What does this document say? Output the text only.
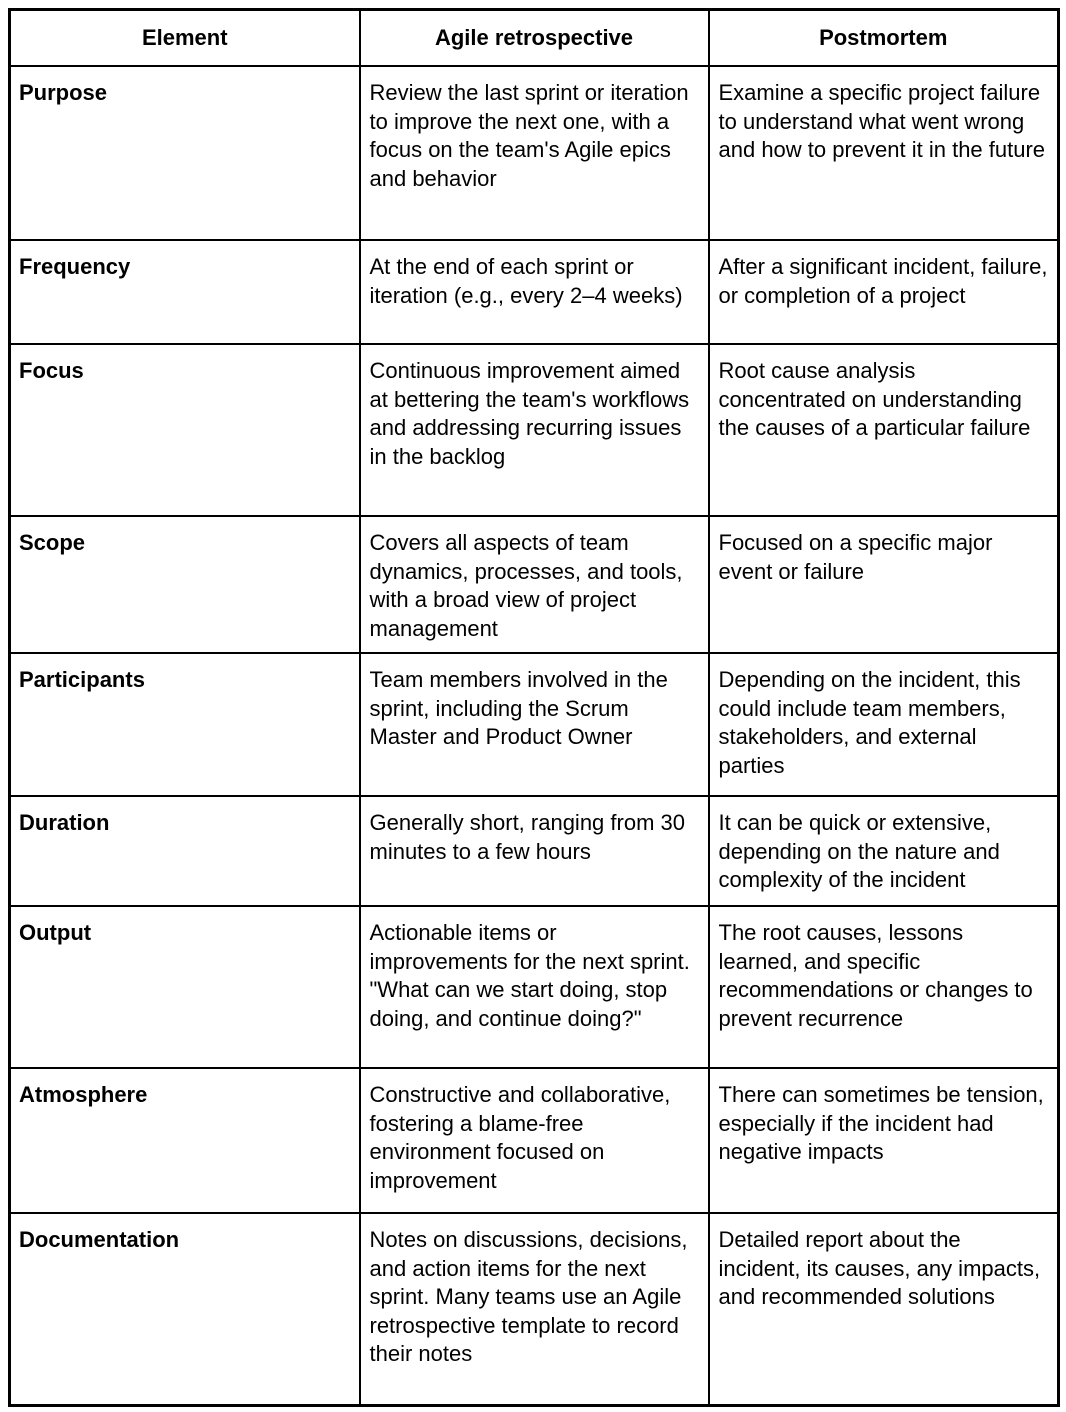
Element	Agile retrospective	Postmortem
Purpose	Review the last sprint or iteration to improve the next one, with a focus on the team's Agile epics and behavior	Examine a specific project failure to understand what went wrong and how to prevent it in the future
Frequency	At the end of each sprint or iteration (e.g., every 2–4 weeks)	After a significant incident, failure, or completion of a project
Focus	Continuous improvement aimed at bettering the team's workflows and addressing recurring issues in the backlog	Root cause analysis concentrated on understanding the causes of a particular failure
Scope	Covers all aspects of team dynamics, processes, and tools, with a broad view of project management	Focused on a specific major event or failure
Participants	Team members involved in the sprint, including the Scrum Master and Product Owner	Depending on the incident, this could include team members, stakeholders, and external parties
Duration	Generally short, ranging from 30 minutes to a few hours	It can be quick or extensive, depending on the nature and complexity of the incident
Output	Actionable items or improvements for the next sprint. "What can we start doing, stop doing, and continue doing?"	The root causes, lessons learned, and specific recommendations or changes to prevent recurrence
Atmosphere	Constructive and collaborative, fostering a blame-free environment focused on improvement	There can sometimes be tension, especially if the incident had negative impacts
Documentation	Notes on discussions, decisions, and action items for the next sprint. Many teams use an Agile retrospective template to record their notes	Detailed report about the incident, its causes, any impacts, and recommended solutions
